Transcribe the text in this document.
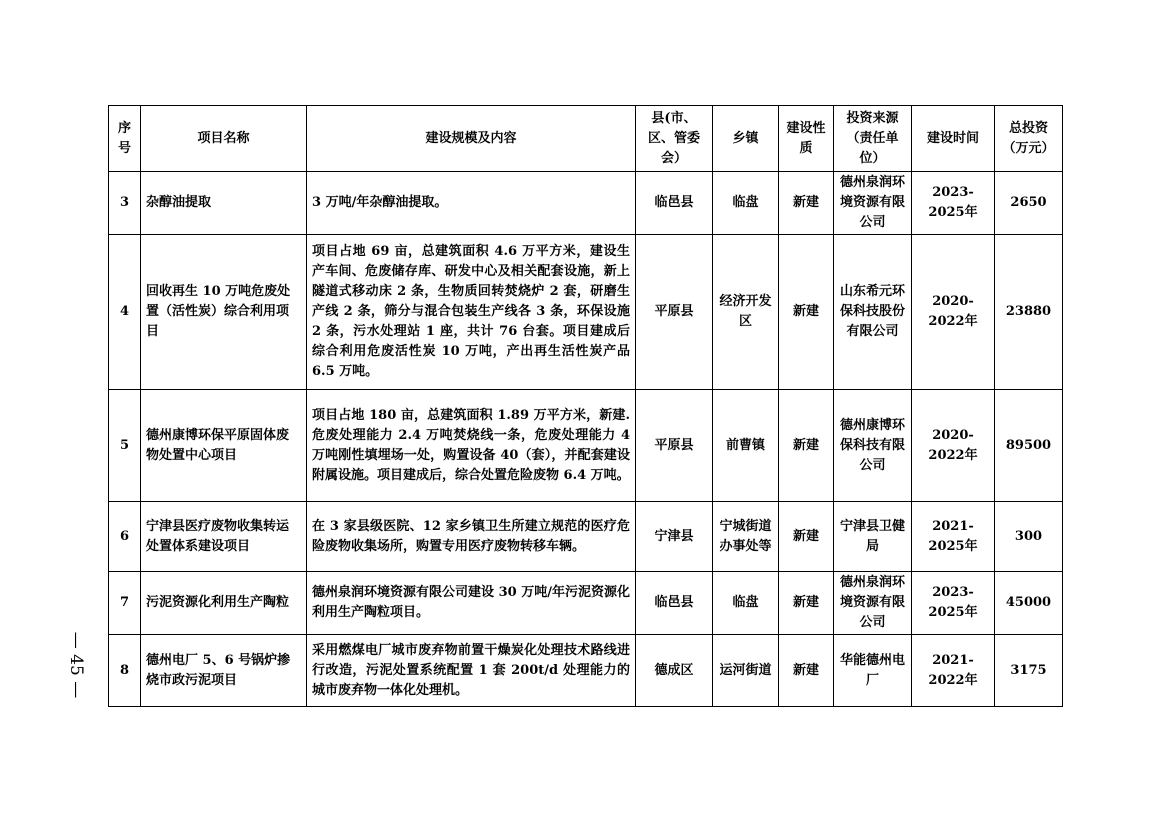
序号	项目名称	建设规模及内容	县(市、区、管委会）	乡镇	建设性质	投资来源（责任单位）	建设时间	总投资（万元）
3	杂醇油提取	3 万吨/年杂醇油提取。	临邑县	临盘	新建	德州泉润环境资源有限公司	2023-2025年	2650
4	回收再生 10 万吨危废处置（活性炭）综合利用项目	项目占地 69 亩，总建筑面积 4.6 万平方米，建设生产车间、危废储存库、研发中心及相关配套设施，新上隧道式移动床 2 条，生物质回转焚烧炉 2 套，研磨生产线 2 条，筛分与混合包装生产线各 3 条，环保设施 2 条，污水处理站 1 座，共计 76 台套。项目建成后综合利用危废活性炭 10 万吨，产出再生活性炭产品 6.5 万吨。	平原县	经济开发区	新建	山东希元环保科技股份有限公司	2020-2022年	23880
5	德州康博环保平原固体废物处置中心项目	项目占地 180 亩，总建筑面积 1.89 万平方米，新建.危废处理能力 2.4 万吨焚烧线一条，危废处理能力 4 万吨刚性填埋场一处，购置设备 40（套），并配套建设附属设施。项目建成后，综合处置危险废物 6.4 万吨。	平原县	前曹镇	新建	德州康博环保科技有限公司	2020-2022年	89500
6	宁津县医疗废物收集转运处置体系建设项目	在 3 家县级医院、12 家乡镇卫生所建立规范的医疗危险废物收集场所，购置专用医疗废物转移车辆。	宁津县	宁城街道办事处等	新建	宁津县卫健局	2021-2025年	300
7	污泥资源化利用生产陶粒	德州泉润环境资源有限公司建设 30 万吨/年污泥资源化利用生产陶粒项目。	临邑县	临盘	新建	德州泉润环境资源有限公司	2023-2025年	45000
8	德州电厂 5、6 号锅炉掺烧市政污泥项目	采用燃煤电厂城市废弃物前置干燥炭化处理技术路线进行改造，污泥处置系统配置 1 套 200t/d 处理能力的城市废弃物一体化处理机。	德成区	运河街道	新建	华能德州电厂	2021-2022年	3175
— 45 —
